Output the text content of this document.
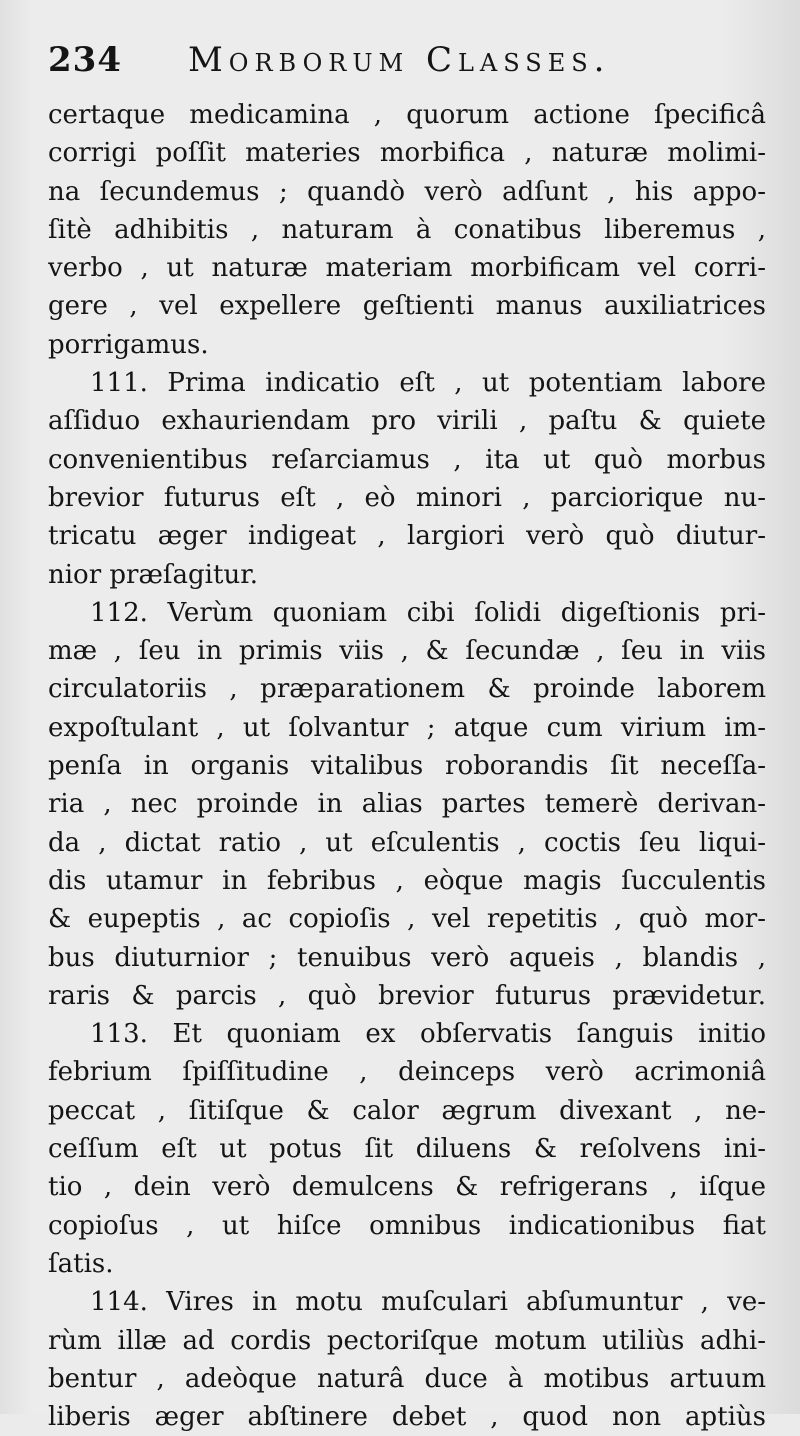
234 Morborum Classes.
certaque medicamina , quorum actione ſpecificâ
corrigi poſſit materies morbifica , naturæ molimi-
na ſecundemus ; quandò verò adſunt , his appo-
ſitè adhibitis , naturam à conatibus liberemus ,
verbo , ut naturæ materiam morbificam vel corri-
gere , vel expellere geſtienti manus auxiliatrices
porrigamus.
111. Prima indicatio eſt , ut potentiam labore
aſſiduo exhauriendam pro virili , paſtu & quiete
convenientibus reſarciamus , ita ut quò morbus
brevior futurus eſt , eò minori , parciorique nu-
tricatu æger indigeat , largiori verò quò diutur-
nior præſagitur.
112. Verùm quoniam cibi ſolidi digeſtionis pri-
mæ , ſeu in primis viis , & ſecundæ , ſeu in viis
circulatoriis , præparationem & proinde laborem
expoſtulant , ut ſolvantur ; atque cum virium im-
penſa in organis vitalibus roborandis ſit neceſſa-
ria , nec proinde in alias partes temerè derivan-
da , dictat ratio , ut eſculentis , coctis ſeu liqui-
dis utamur in febribus , eòque magis ſucculentis
& eupeptis , ac copioſis , vel repetitis , quò mor-
bus diuturnior ; tenuibus verò aqueis , blandis ,
raris & parcis , quò brevior futurus prævidetur.
113. Et quoniam ex obſervatis ſanguis initio
febrium ſpiſſitudine , deinceps verò acrimoniâ
peccat , ſitiſque & calor ægrum divexant , ne-
ceſſum eſt ut potus ſit diluens & reſolvens ini-
tio , dein verò demulcens & refrigerans , iſque
copioſus , ut hiſce omnibus indicationibus fiat
ſatis.
114. Vires in motu muſculari abſumuntur , ve-
rùm illæ ad cordis pectoriſque motum utiliùs adhi-
bentur , adeòque naturâ duce à motibus artuum
liberis æger abſtinere debet , quod non aptiùs
